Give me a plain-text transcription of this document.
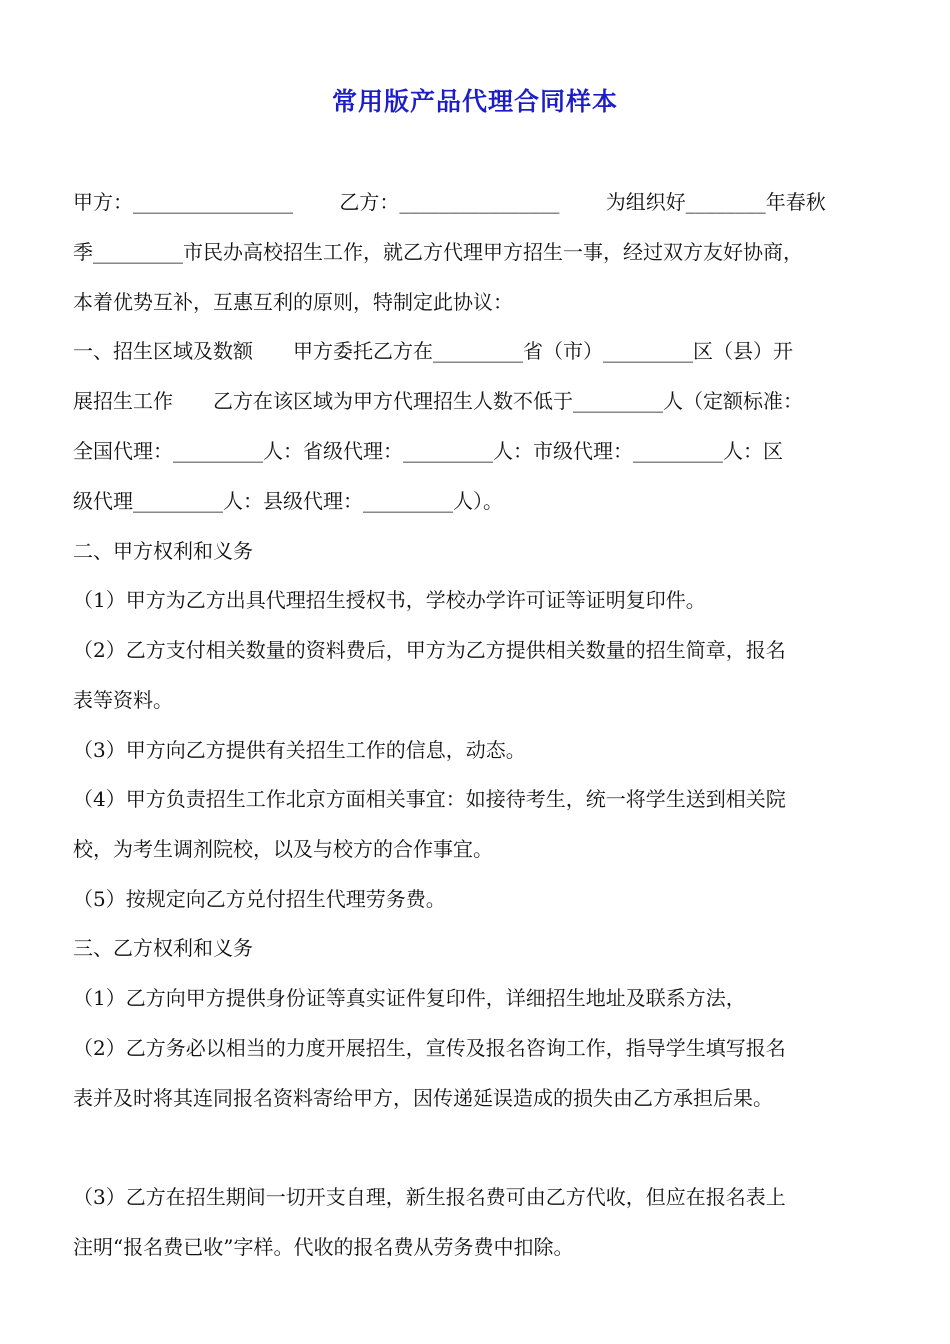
常用版产品代理合同样本
甲方：________________ 　　乙方：________________ 　　为组织好________年春秋
季_________市民办高校招生工作，就乙方代理甲方招生一事，经过双方友好协商，
本着优势互补，互惠互利的原则，特制定此协议：
一、招生区域及数额　　甲方委托乙方在_________省（市）_________区（县）开
展招生工作　　乙方在该区域为甲方代理招生人数不低于_________人（定额标准：
全国代理：_________人：省级代理：_________人：市级代理：_________人：区
级代理_________人：县级代理：_________人）。
二、甲方权利和义务
（1）甲方为乙方出具代理招生授权书，学校办学许可证等证明复印件。
（2）乙方支付相关数量的资料费后，甲方为乙方提供相关数量的招生简章，报名
表等资料。
（3）甲方向乙方提供有关招生工作的信息，动态。
（4）甲方负责招生工作北京方面相关事宜：如接待考生，统一将学生送到相关院
校，为考生调剂院校，以及与校方的合作事宜。
（5）按规定向乙方兑付招生代理劳务费。
三、乙方权利和义务
（1）乙方向甲方提供身份证等真实证件复印件，详细招生地址及联系方法，
（2）乙方务必以相当的力度开展招生，宣传及报名咨询工作，指导学生填写报名
表并及时将其连同报名资料寄给甲方，因传递延误造成的损失由乙方承担后果。
（3）乙方在招生期间一切开支自理，新生报名费可由乙方代收，但应在报名表上
注明“报名费已收”字样。代收的报名费从劳务费中扣除。
